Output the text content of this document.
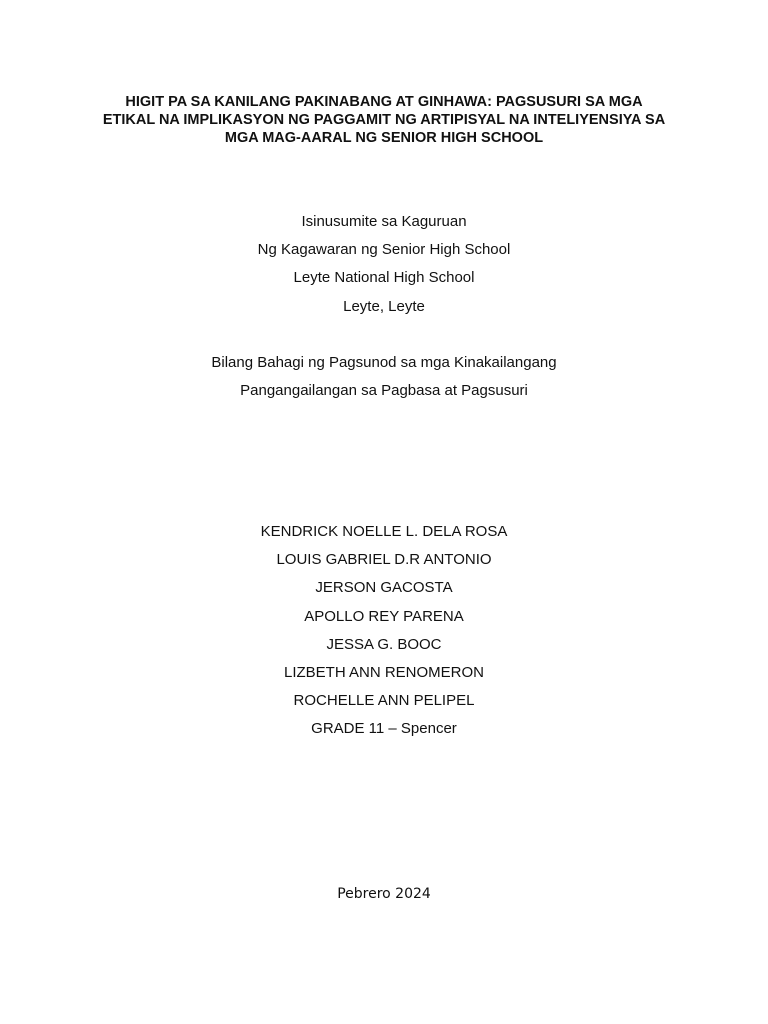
HIGIT PA SA KANILANG PAKINABANG AT GINHAWA: PAGSUSURI SA MGA
ETIKAL NA IMPLIKASYON NG PAGGAMIT NG ARTIPISYAL NA INTELIYENSIYA SA
MGA MAG-AARAL NG SENIOR HIGH SCHOOL
Isinusumite sa Kaguruan
Ng Kagawaran ng Senior High School
Leyte National High School
Leyte, Leyte
Bilang Bahagi ng Pagsunod sa mga Kinakailangang
Pangangailangan sa Pagbasa at Pagsusuri
KENDRICK NOELLE L. DELA ROSA
LOUIS GABRIEL D.R ANTONIO
JERSON GACOSTA
APOLLO REY PARENA
JESSA G. BOOC
LIZBETH ANN RENOMERON
ROCHELLE ANN PELIPEL
GRADE 11 – Spencer
Pebrero 2024
